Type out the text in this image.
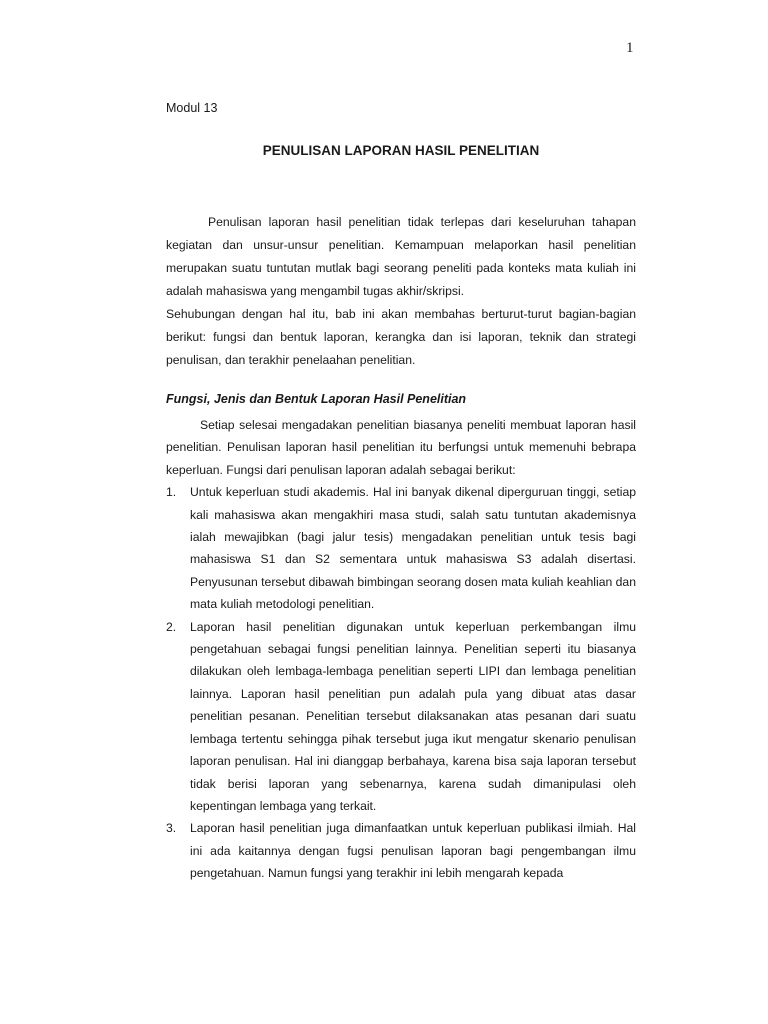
1
Modul 13
PENULISAN LAPORAN HASIL PENELITIAN

Penulisan laporan hasil penelitian tidak terlepas dari keseluruhan tahapan kegiatan dan unsur-unsur penelitian. Kemampuan melaporkan hasil penelitian merupakan suatu tuntutan mutlak bagi seorang peneliti pada konteks mata kuliah ini adalah mahasiswa yang mengambil tugas akhir/skripsi.

Sehubungan dengan hal itu, bab ini akan membahas berturut-turut bagian-bagian berikut: fungsi dan bentuk laporan, kerangka dan isi laporan, teknik dan strategi penulisan, dan terakhir penelaahan penelitian.

Fungsi, Jenis dan Bentuk Laporan Hasil Penelitian

Setiap selesai mengadakan penelitian biasanya peneliti membuat laporan hasil penelitian. Penulisan laporan hasil penelitian itu berfungsi untuk memenuhi bebrapa keperluan. Fungsi dari penulisan laporan adalah sebagai berikut:

1. Untuk keperluan studi akademis. Hal ini banyak dikenal diperguruan tinggi, setiap kali mahasiswa akan mengakhiri masa studi, salah satu tuntutan akademisnya ialah mewajibkan (bagi jalur tesis) mengadakan penelitian untuk tesis bagi mahasiswa S1 dan S2 sementara untuk mahasiswa S3 adalah disertasi. Penyusunan tersebut dibawah bimbingan seorang dosen mata kuliah keahlian dan mata kuliah metodologi penelitian.
2. Laporan hasil penelitian digunakan untuk keperluan perkembangan ilmu pengetahuan sebagai fungsi penelitian lainnya. Penelitian seperti itu biasanya dilakukan oleh lembaga-lembaga penelitian seperti LIPI dan lembaga penelitian lainnya. Laporan hasil penelitian pun adalah pula yang dibuat atas dasar penelitian pesanan. Penelitian tersebut dilaksanakan atas pesanan dari suatu lembaga tertentu sehingga pihak tersebut juga ikut mengatur skenario penulisan laporan penulisan. Hal ini dianggap berbahaya, karena bisa saja laporan tersebut tidak berisi laporan yang sebenarnya, karena sudah dimanipulasi oleh kepentingan lembaga yang terkait.
3. Laporan hasil penelitian juga dimanfaatkan untuk keperluan publikasi ilmiah. Hal ini ada kaitannya dengan fugsi penulisan laporan bagi pengembangan ilmu pengetahuan. Namun fungsi yang terakhir ini lebih mengarah kepada
